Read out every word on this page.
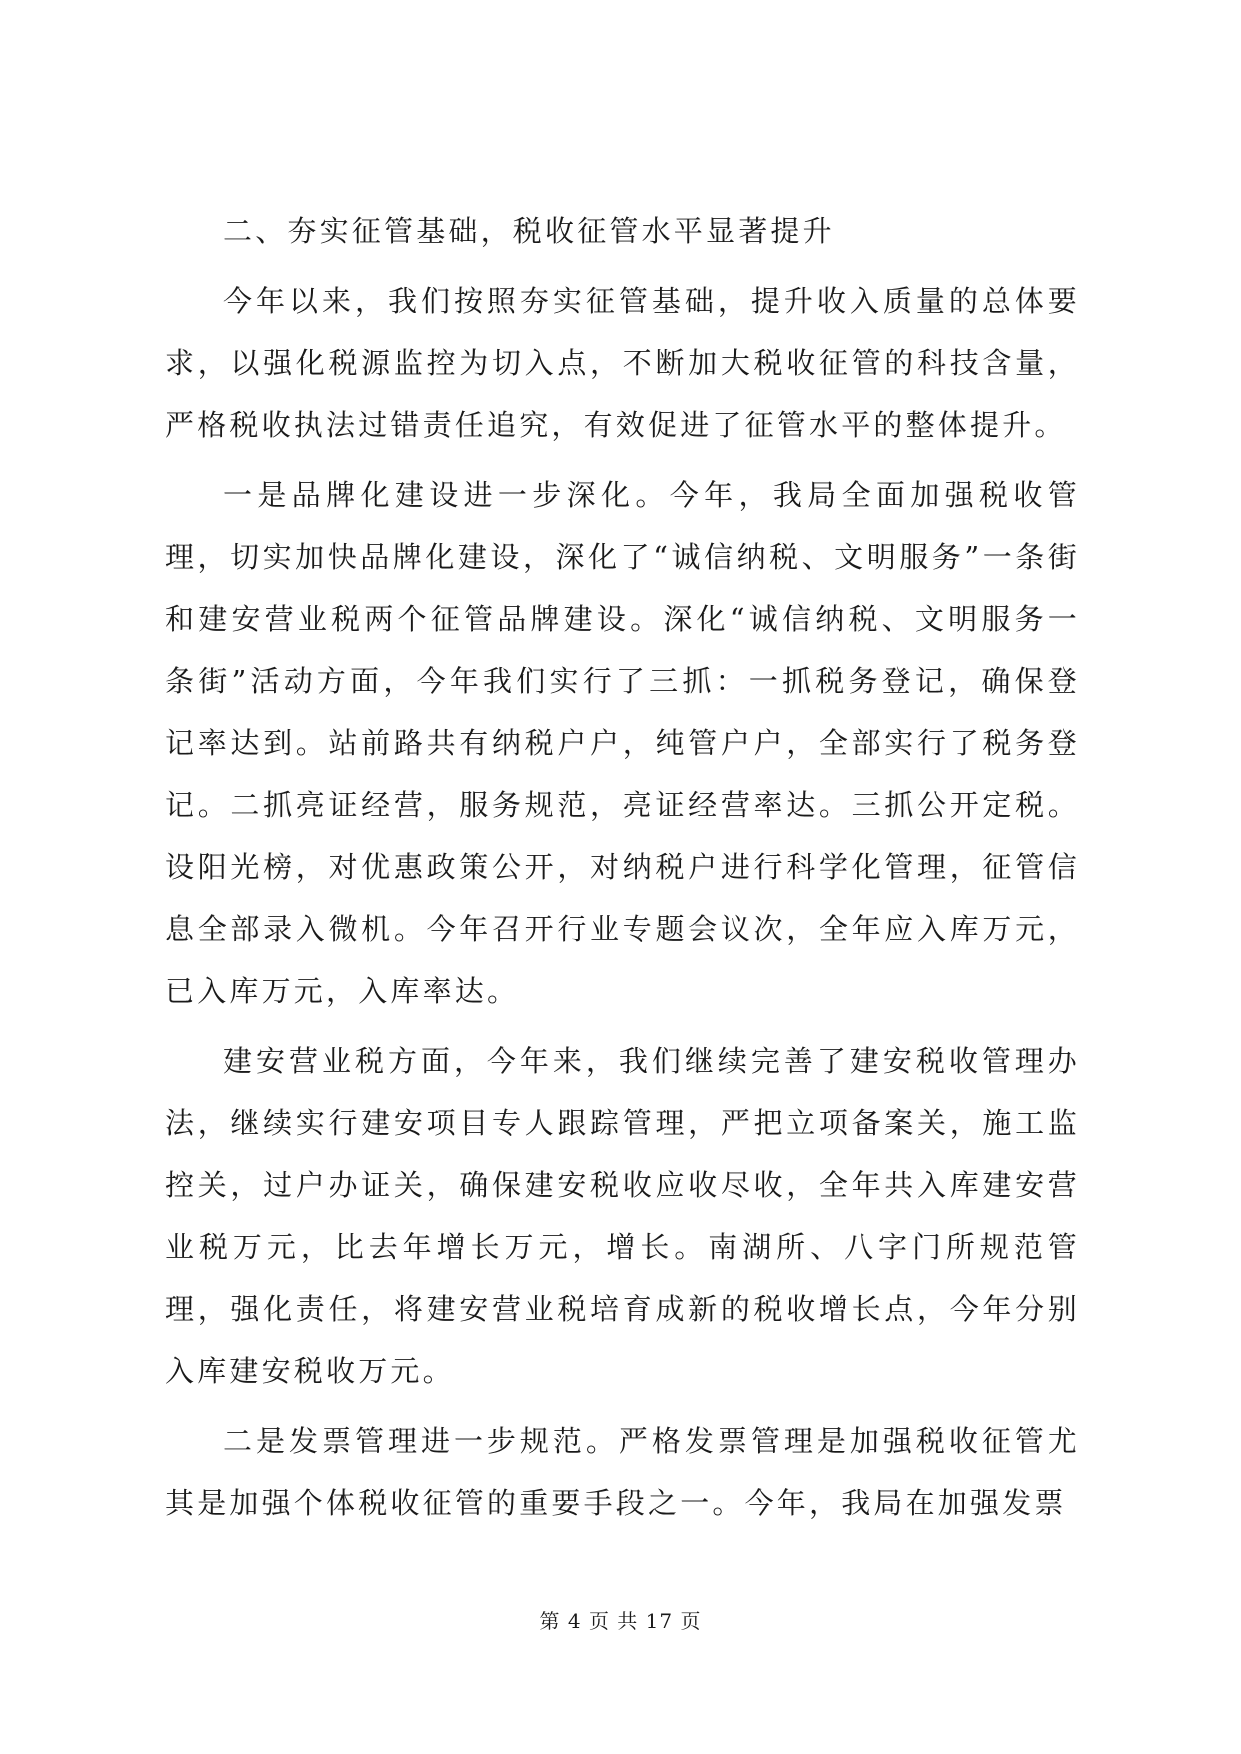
二、夯实征管基础，税收征管水平显著提升

今年以来，我们按照夯实征管基础，提升收入质量的总体要求，以强化税源监控为切入点，不断加大税收征管的科技含量，严格税收执法过错责任追究，有效促进了征管水平的整体提升。

一是品牌化建设进一步深化。今年，我局全面加强税收管理，切实加快品牌化建设，深化了“诚信纳税、文明服务”一条街和建安营业税两个征管品牌建设。深化“诚信纳税、文明服务一条街”活动方面，今年我们实行了三抓：一抓税务登记，确保登记率达到。站前路共有纳税户户，纯管户户，全部实行了税务登记。二抓亮证经营，服务规范，亮证经营率达。三抓公开定税。设阳光榜，对优惠政策公开，对纳税户进行科学化管理，征管信息全部录入微机。今年召开行业专题会议次，全年应入库万元，已入库万元，入库率达。

建安营业税方面，今年来，我们继续完善了建安税收管理办法，继续实行建安项目专人跟踪管理，严把立项备案关，施工监控关，过户办证关，确保建安税收应收尽收，全年共入库建安营业税万元，比去年增长万元，增长。南湖所、八字门所规范管理，强化责任，将建安营业税培育成新的税收增长点，今年分别入库建安税收万元。

二是发票管理进一步规范。严格发票管理是加强税收征管尤其是加强个体税收征管的重要手段之一。今年，我局在加强发票

第 4 页 共 17 页
